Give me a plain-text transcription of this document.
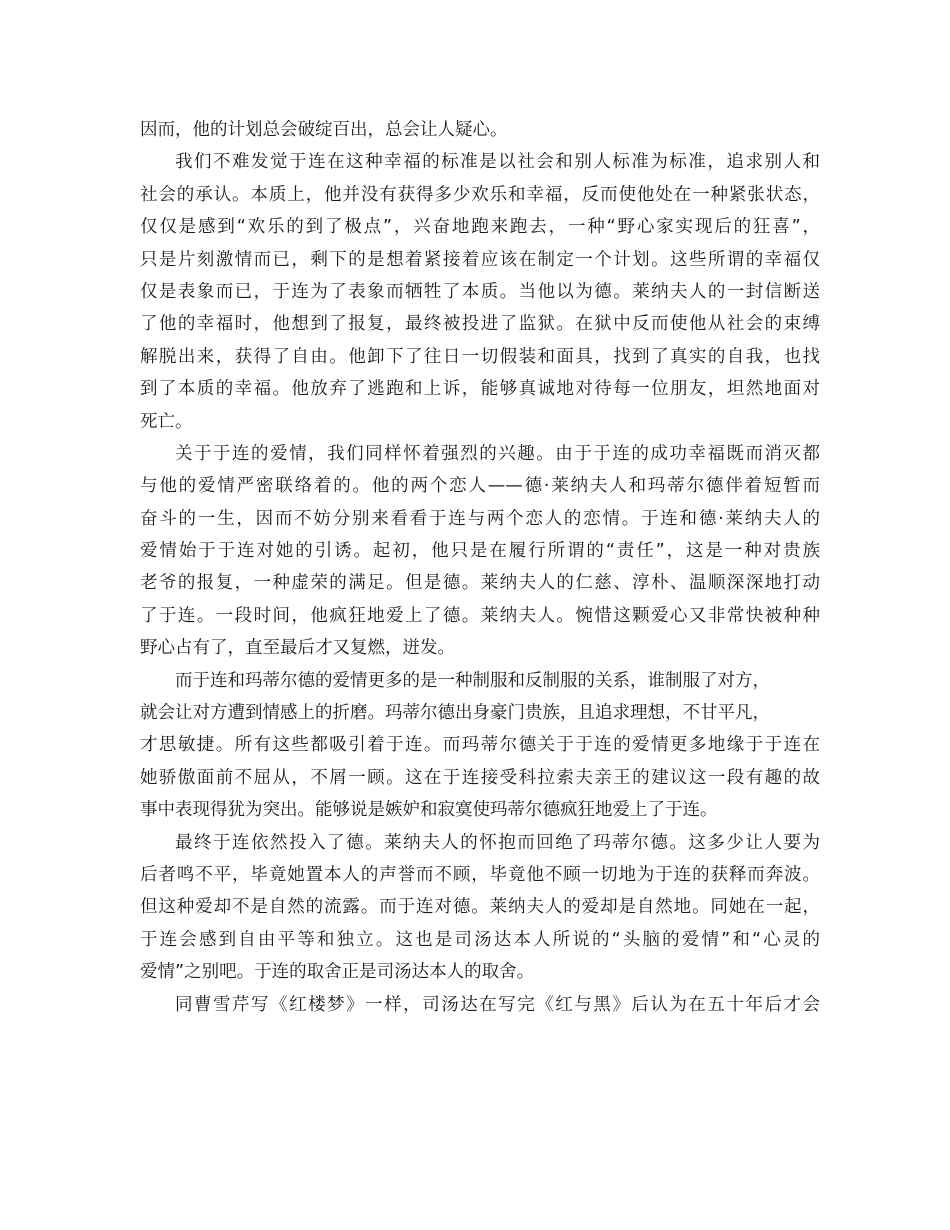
因而，他的计划总会破绽百出，总会让人疑心。
我们不难发觉于连在这种幸福的标准是以社会和别人标准为标准，追求别人和
社会的承认。本质上，他并没有获得多少欢乐和幸福，反而使他处在一种紧张状态，
仅仅是感到“欢乐的到了极点”，兴奋地跑来跑去，一种“野心家实现后的狂喜”，
只是片刻激情而已，剩下的是想着紧接着应该在制定一个计划。这些所谓的幸福仅
仅是表象而已，于连为了表象而牺牲了本质。当他以为德。莱纳夫人的一封信断送
了他的幸福时，他想到了报复，最终被投进了监狱。在狱中反而使他从社会的束缚
解脱出来，获得了自由。他卸下了往日一切假装和面具，找到了真实的自我，也找
到了本质的幸福。他放弃了逃跑和上诉，能够真诚地对待每一位朋友，坦然地面对
死亡。
关于于连的爱情，我们同样怀着强烈的兴趣。由于于连的成功幸福既而消灭都
与他的爱情严密联络着的。他的两个恋人——德·莱纳夫人和玛蒂尔德伴着短暂而
奋斗的一生，因而不妨分别来看看于连与两个恋人的恋情。于连和德·莱纳夫人的
爱情始于于连对她的引诱。起初，他只是在履行所谓的“责任”，这是一种对贵族
老爷的报复，一种虚荣的满足。但是德。莱纳夫人的仁慈、淳朴、温顺深深地打动
了于连。一段时间，他疯狂地爱上了德。莱纳夫人。惋惜这颗爱心又非常快被种种
野心占有了，直至最后才又复燃，迸发。
而于连和玛蒂尔德的爱情更多的是一种制服和反制服的关系，谁制服了对方，
就会让对方遭到情感上的折磨。玛蒂尔德出身豪门贵族，且追求理想，不甘平凡，
才思敏捷。所有这些都吸引着于连。而玛蒂尔德关于于连的爱情更多地缘于于连在
她骄傲面前不屈从，不屑一顾。这在于连接受科拉索夫亲王的建议这一段有趣的故
事中表现得犹为突出。能够说是嫉妒和寂寞使玛蒂尔德疯狂地爱上了于连。
最终于连依然投入了德。莱纳夫人的怀抱而回绝了玛蒂尔德。这多少让人要为
后者鸣不平，毕竟她置本人的声誉而不顾，毕竟他不顾一切地为于连的获释而奔波。
但这种爱却不是自然的流露。而于连对德。莱纳夫人的爱却是自然地。同她在一起，
于连会感到自由平等和独立。这也是司汤达本人所说的“头脑的爱情”和“心灵的
爱情”之别吧。于连的取舍正是司汤达本人的取舍。
同曹雪芹写《红楼梦》一样，司汤达在写完《红与黑》后认为在五十年后才会
